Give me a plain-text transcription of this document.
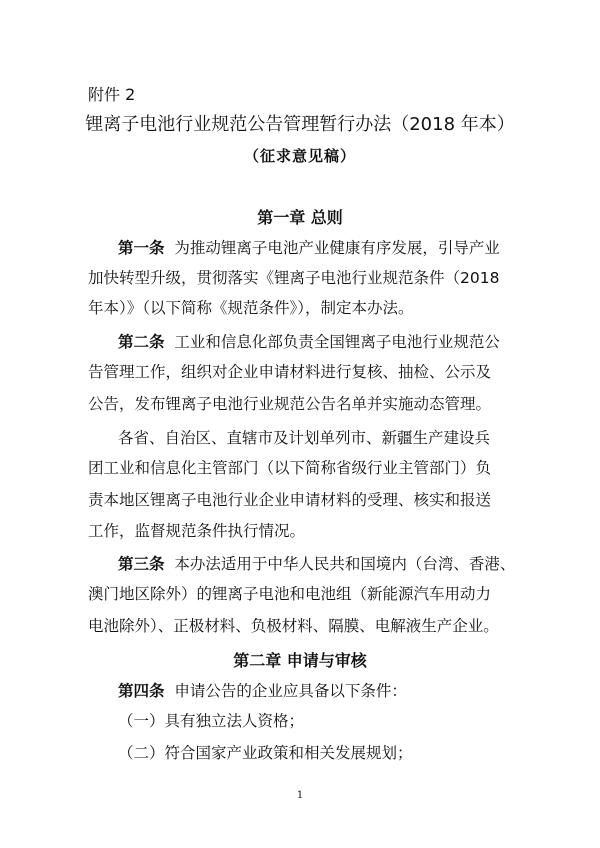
附件 2
锂离子电池行业规范公告管理暂行办法（2018 年本）
（征求意见稿）
第一章 总则
第一条 为推动锂离子电池产业健康有序发展，引导产业
加快转型升级，贯彻落实《锂离子电池行业规范条件（2018
年本）》（以下简称《规范条件》），制定本办法。
第二条 工业和信息化部负责全国锂离子电池行业规范公
告管理工作，组织对企业申请材料进行复核、抽检、公示及
公告，发布锂离子电池行业规范公告名单并实施动态管理。
各省、自治区、直辖市及计划单列市、新疆生产建设兵
团工业和信息化主管部门（以下简称省级行业主管部门）负
责本地区锂离子电池行业企业申请材料的受理、核实和报送
工作，监督规范条件执行情况。
第三条 本办法适用于中华人民共和国境内（台湾、香港、
澳门地区除外）的锂离子电池和电池组（新能源汽车用动力
电池除外）、正极材料、负极材料、隔膜、电解液生产企业。
第二章 申请与审核
第四条 申请公告的企业应具备以下条件：
（一）具有独立法人资格；
（二）符合国家产业政策和相关发展规划；
1
